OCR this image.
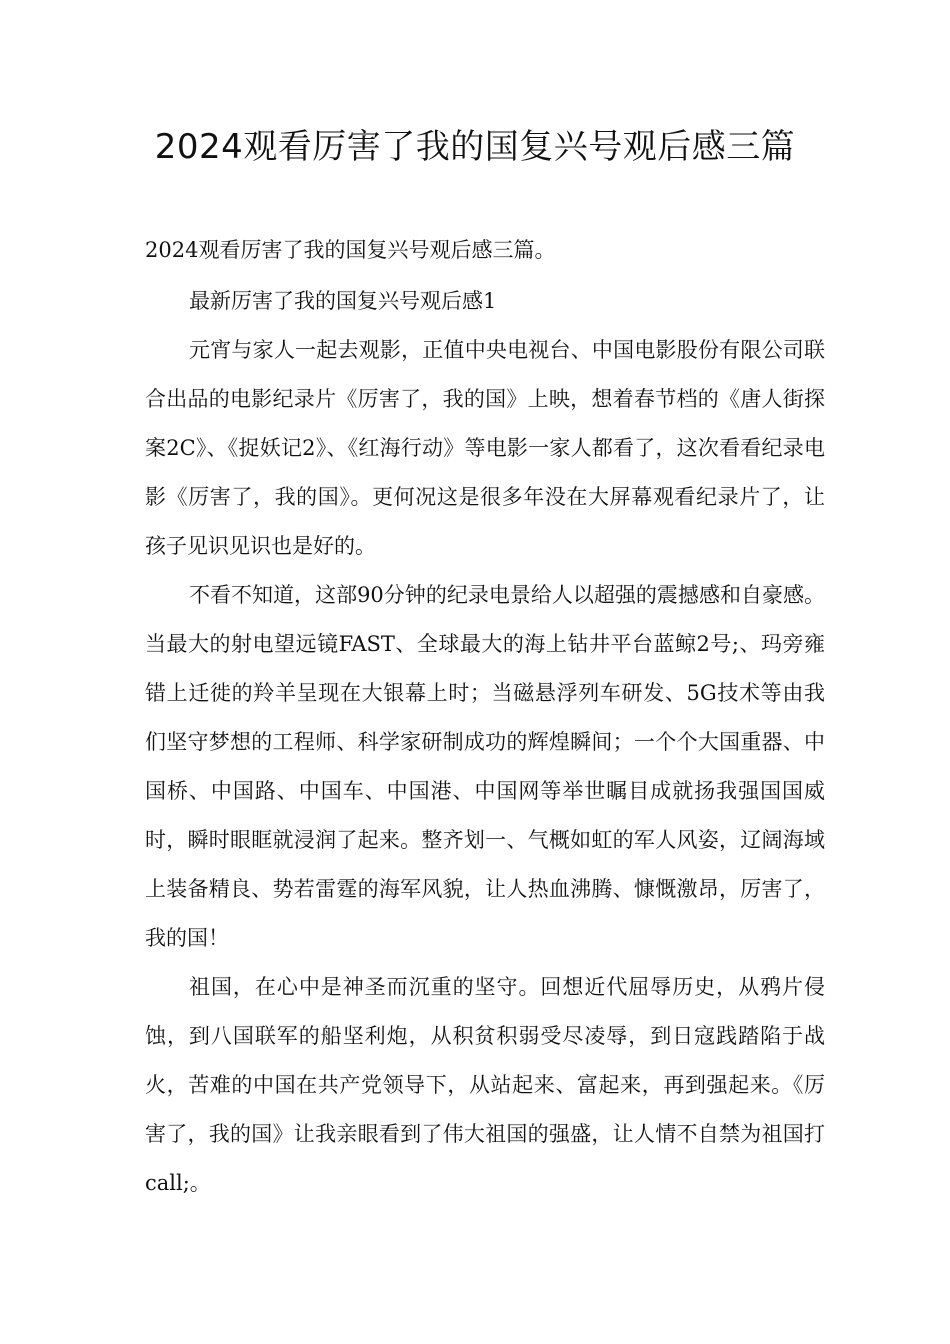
2024观看厉害了我的国复兴号观后感三篇

2024观看厉害了我的国复兴号观后感三篇。

最新厉害了我的国复兴号观后感1

元宵与家人一起去观影，正值中央电视台、中国电影股份有限公司联合出品的电影纪录片《厉害了，我的国》上映，想着春节档的《唐人街探案2C》、《捉妖记2》、《红海行动》等电影一家人都看了，这次看看纪录电影《厉害了，我的国》。更何况这是很多年没在大屏幕观看纪录片了，让孩子见识见识也是好的。

不看不知道，这部90分钟的纪录电景给人以超强的震撼感和自豪感。当最大的射电望远镜FAST、全球最大的海上钻井平台蓝鲸2号;、玛旁雍错上迁徙的羚羊呈现在大银幕上时；当磁悬浮列车研发、5G技术等由我们坚守梦想的工程师、科学家研制成功的辉煌瞬间；一个个大国重器、中国桥、中国路、中国车、中国港、中国网等举世瞩目成就扬我强国国威时，瞬时眼眶就浸润了起来。整齐划一、气概如虹的军人风姿，辽阔海域上装备精良、势若雷霆的海军风貌，让人热血沸腾、慷慨激昂，厉害了，我的国！

祖国，在心中是神圣而沉重的坚守。回想近代屈辱历史，从鸦片侵蚀，到八国联军的船坚利炮，从积贫积弱受尽凌辱，到日寇践踏陷于战火，苦难的中国在共产党领导下，从站起来、富起来，再到强起来。《厉害了，我的国》让我亲眼看到了伟大祖国的强盛，让人情不自禁为祖国打call;。
